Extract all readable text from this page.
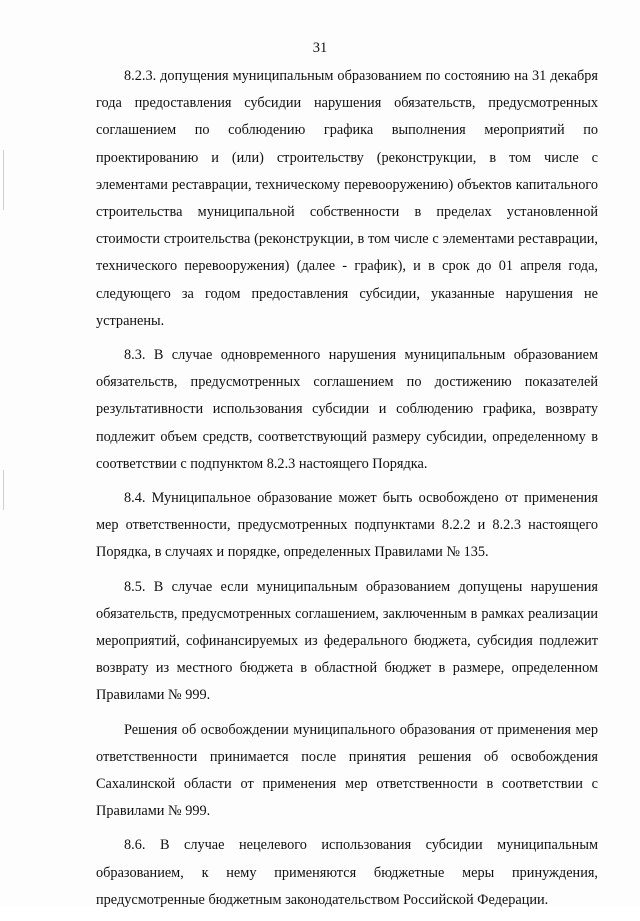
31

8.2.3. допущения муниципальным образованием по состоянию на 31 декабря года предоставления субсидии нарушения обязательств, предусмотренных соглашением по соблюдению графика выполнения мероприятий по проектированию и (или) строительству (реконструкции, в том числе с элементами реставрации, техническому перевооружению) объектов капитального строительства муниципальной собственности в пределах установленной стоимости строительства (реконструкции, в том числе с элементами реставрации, технического перевооружения) (далее - график), и в срок до 01 апреля года, следующего за годом предоставления субсидии, указанные нарушения не устранены.

8.3. В случае одновременного нарушения муниципальным образованием обязательств, предусмотренных соглашением по достижению показателей результативности использования субсидии и соблюдению графика, возврату подлежит объем средств, соответствующий размеру субсидии, определенному в соответствии с подпунктом 8.2.3 настоящего Порядка.

8.4. Муниципальное образование может быть освобождено от применения мер ответственности, предусмотренных подпунктами 8.2.2 и 8.2.3 настоящего Порядка, в случаях и порядке, определенных Правилами № 135.

8.5. В случае если муниципальным образованием допущены нарушения обязательств, предусмотренных соглашением, заключенным в рамках реализации мероприятий, софинансируемых из федерального бюджета, субсидия подлежит возврату из местного бюджета в областной бюджет в размере, определенном Правилами № 999.

Решения об освобождении муниципального образования от применения мер ответственности принимается после принятия решения об освобождения Сахалинской области от применения мер ответственности в соответствии с Правилами № 999.

8.6. В случае нецелевого использования субсидии муниципальным образованием, к нему применяются бюджетные меры принуждения, предусмотренные бюджетным законодательством Российской Федерации.
